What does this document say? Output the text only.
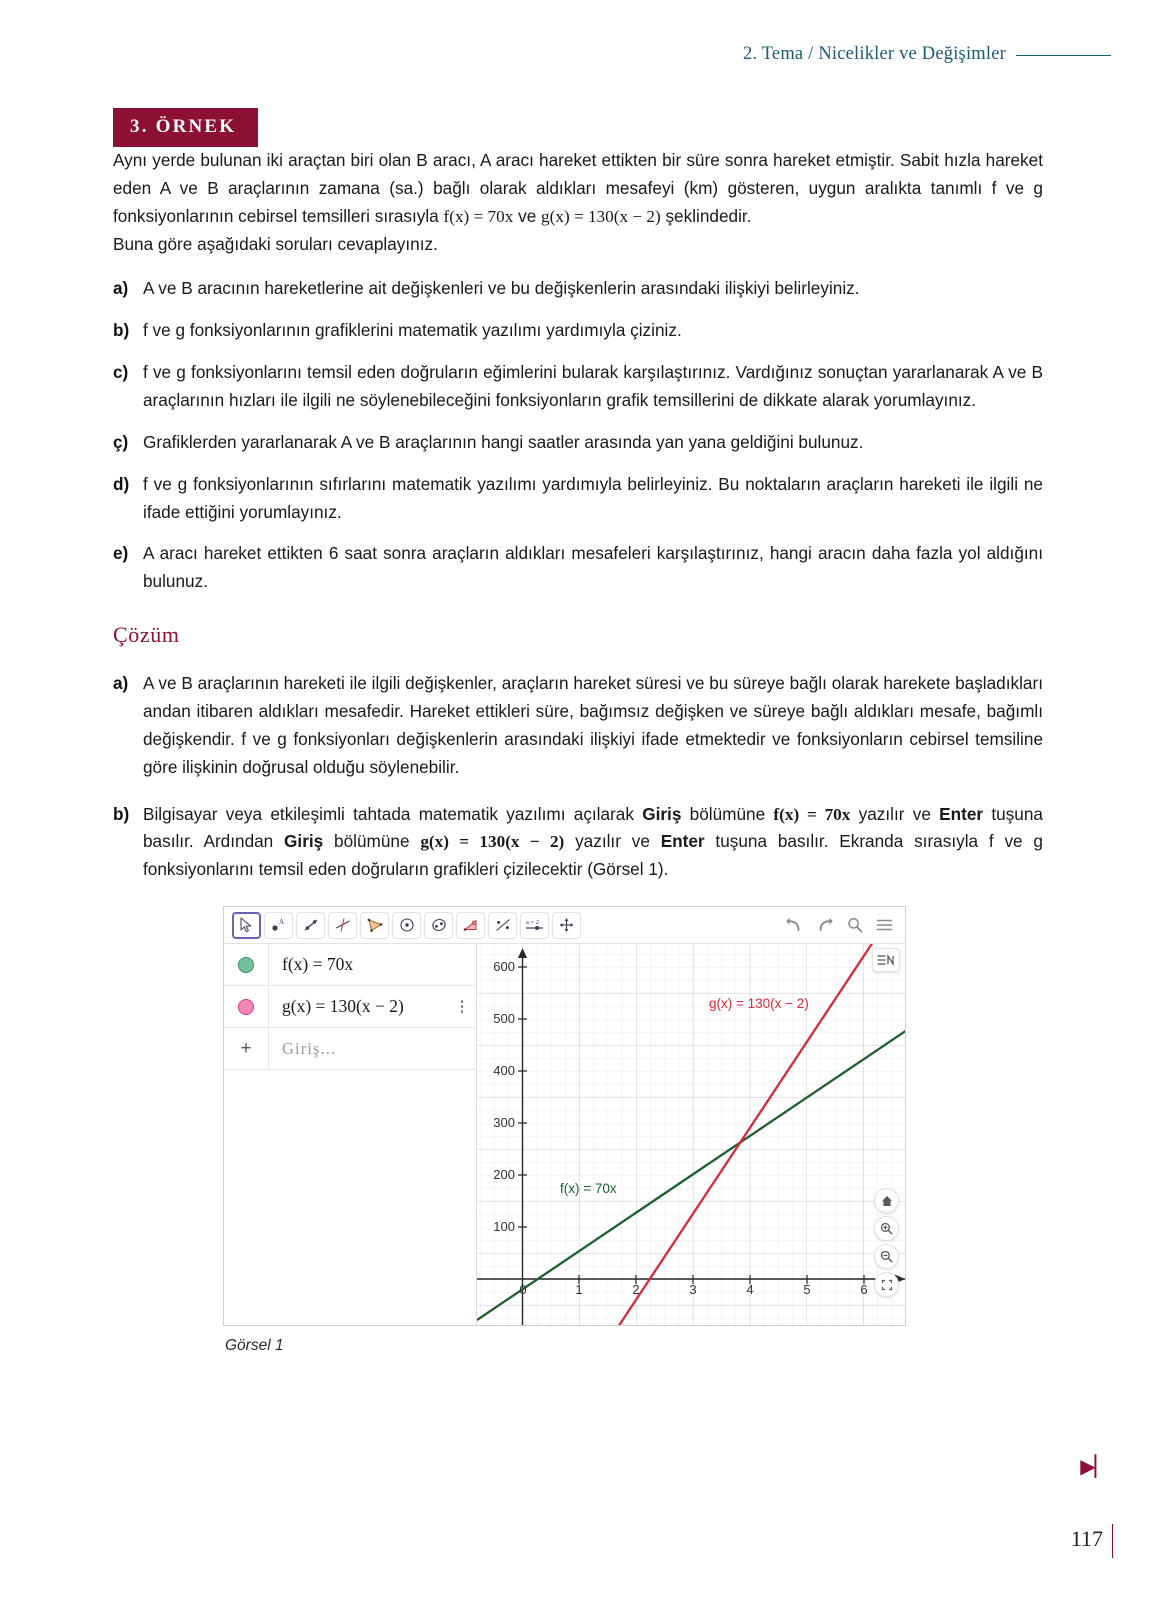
2. Tema / Nicelikler ve Değişimler
3. ÖRNEK

Aynı yerde bulunan iki araçtan biri olan B aracı, A aracı hareket ettikten bir süre sonra hareket etmiştir. Sabit hızla hareket eden A ve B araçlarının zamana (sa.) bağlı olarak aldıkları mesafeyi (km) gösteren, uygun aralıkta tanımlı f ve g fonksiyonlarının cebirsel temsilleri sırasıyla f(x) = 70x ve g(x) = 130(x − 2) şeklindedir.

Buna göre aşağıdaki soruları cevaplayınız.

a) A ve B aracının hareketlerine ait değişkenleri ve bu değişkenlerin arasındaki ilişkiyi belirleyiniz.
b) f ve g fonksiyonlarının grafiklerini matematik yazılımı yardımıyla çiziniz.
c) f ve g fonksiyonlarını temsil eden doğruların eğimlerini bularak karşılaştırınız. Vardığınız sonuçtan yararlanarak A ve B araçlarının hızları ile ilgili ne söylenebileceğini fonksiyonların grafik temsillerini de dikkate alarak yorumlayınız.
ç) Grafiklerden yararlanarak A ve B araçlarının hangi saatler arasında yan yana geldiğini bulunuz.
d) f ve g fonksiyonlarının sıfırlarını matematik yazılımı yardımıyla belirleyiniz. Bu noktaların araçların hareketi ile ilgili ne ifade ettiğini yorumlayınız.
e) A aracı hareket ettikten 6 saat sonra araçların aldıkları mesafeleri karşılaştırınız, hangi aracın daha fazla yol aldığını bulunuz.
Çözüm
a) A ve B araçlarının hareketi ile ilgili değişkenler, araçların hareket süresi ve bu süreye bağlı olarak harekete başladıkları andan itibaren aldıkları mesafedir. Hareket ettikleri süre, bağımsız değişken ve süreye bağlı aldıkları mesafe, bağımlı değişkendir. f ve g fonksiyonları değişkenlerin arasındaki ilişkiyi ifade etmektedir ve fonksiyonların cebirsel temsiline göre ilişkinin doğrusal olduğu söylenebilir.
b) Bilgisayar veya etkileşimli tahtada matematik yazılımı açılarak Giriş bölümüne f(x) = 70x yazılır ve Enter tuşuna basılır. Ardından Giriş bölümüne g(x) = 130(x − 2) yazılır ve Enter tuşuna basılır. Ekranda sırasıyla f ve g fonksiyonlarını temsil eden doğruların grafikleri çizilecektir (Görsel 1).
A	a = 2
f(x) = 70x
g(x) = 130(x − 2)
+	Giriş...
100
200
300
400
500
600
0	1	2	3	4	5	6
f(x) = 70x
g(x) = 130(x − 2)
Görsel 1
▶▏
117
